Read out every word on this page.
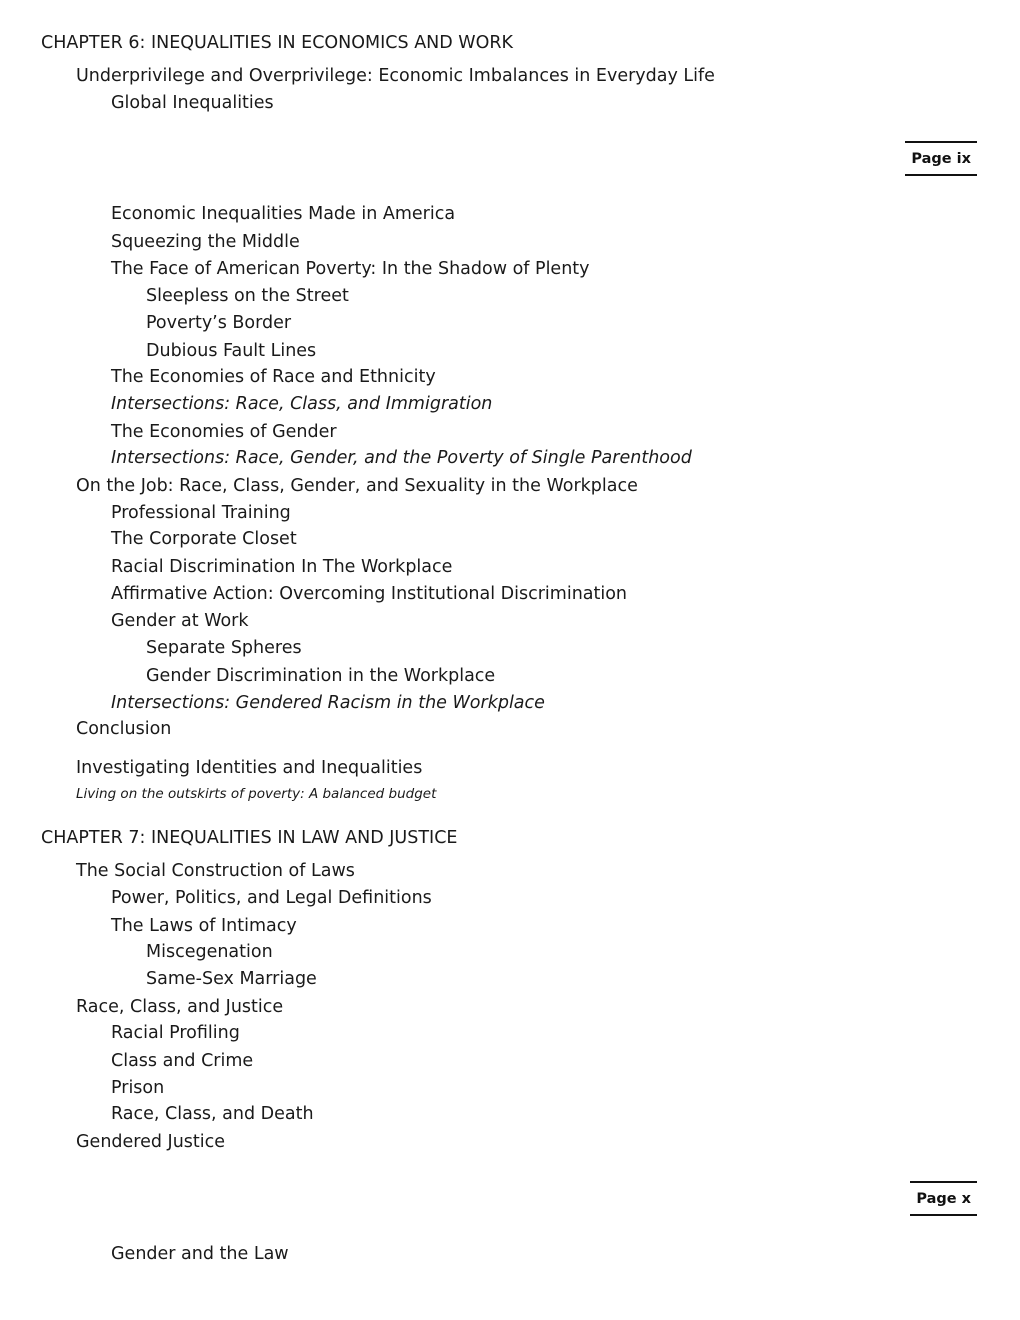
CHAPTER 6: INEQUALITIES IN ECONOMICS AND WORK
Underprivilege and Overprivilege: Economic Imbalances in Everyday Life
Global Inequalities
Page ix
Economic Inequalities Made in America
Squeezing the Middle
The Face of American Poverty: In the Shadow of Plenty
Sleepless on the Street
Poverty’s Border
Dubious Fault Lines
The Economies of Race and Ethnicity
Intersections: Race, Class, and Immigration
The Economies of Gender
Intersections: Race, Gender, and the Poverty of Single Parenthood
On the Job: Race, Class, Gender, and Sexuality in the Workplace
Professional Training
The Corporate Closet
Racial Discrimination In The Workplace
Affirmative Action: Overcoming Institutional Discrimination
Gender at Work
Separate Spheres
Gender Discrimination in the Workplace
Intersections: Gendered Racism in the Workplace
Conclusion
Investigating Identities and Inequalities
Living on the outskirts of poverty: A balanced budget
CHAPTER 7: INEQUALITIES IN LAW AND JUSTICE
The Social Construction of Laws
Power, Politics, and Legal Definitions
The Laws of Intimacy
Miscegenation
Same-Sex Marriage
Race, Class, and Justice
Racial Profiling
Class and Crime
Prison
Race, Class, and Death
Gendered Justice
Page x
Gender and the Law
